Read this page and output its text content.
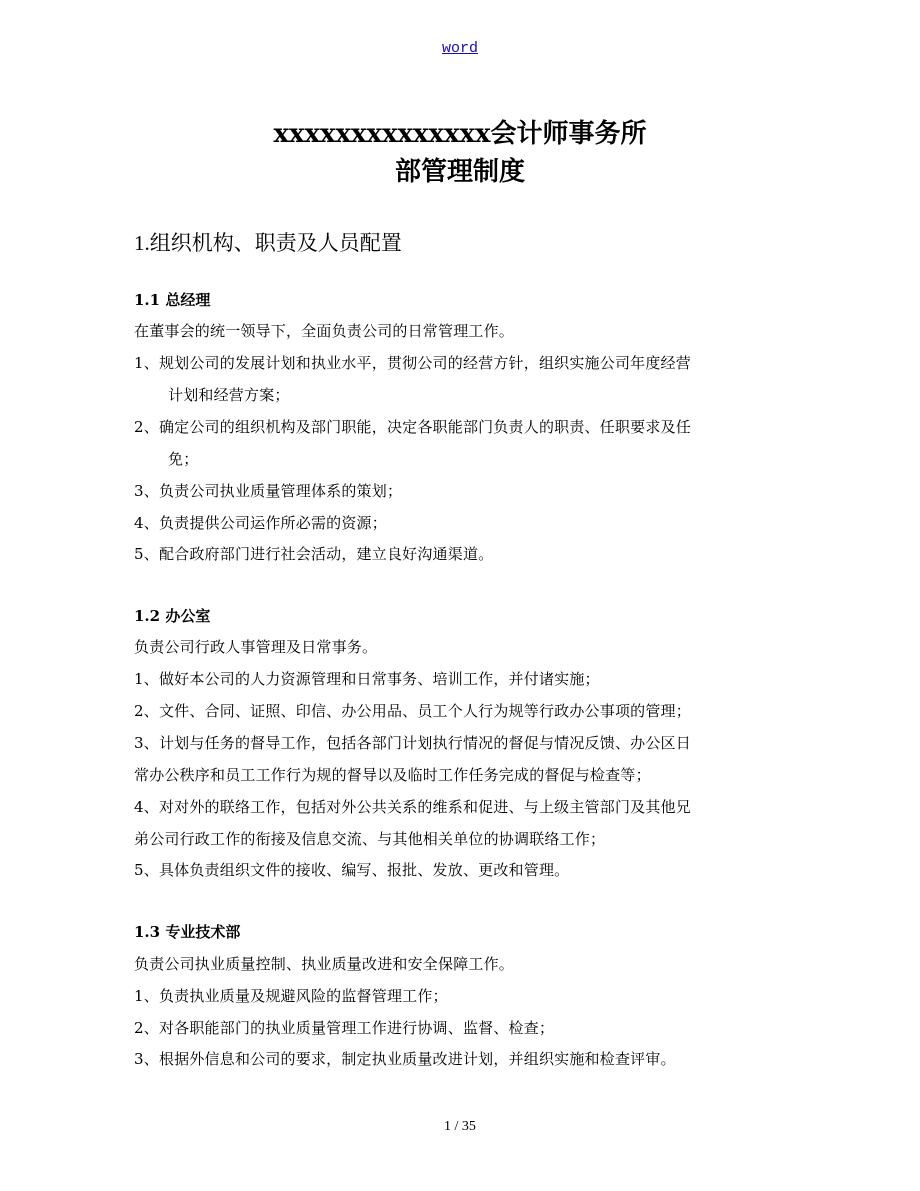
word
xxxxxxxxxxxxxx会计师事务所
部管理制度
1.组织机构、职责及人员配置
1.1 总经理
在董事会的统一领导下，全面负责公司的日常管理工作。
1、规划公司的发展计划和执业水平，贯彻公司的经营方针，组织实施公司年度经营
计划和经营方案；
2、确定公司的组织机构及部门职能，决定各职能部门负责人的职责、任职要求及任
免；
3、负责公司执业质量管理体系的策划；
4、负责提供公司运作所必需的资源；
5、配合政府部门进行社会活动，建立良好沟通渠道。
1.2 办公室
负责公司行政人事管理及日常事务。
1、做好本公司的人力资源管理和日常事务、培训工作，并付诸实施；
2、文件、合同、证照、印信、办公用品、员工个人行为规等行政办公事项的管理；
3、计划与任务的督导工作，包括各部门计划执行情况的督促与情况反馈、办公区日
常办公秩序和员工工作行为规的督导以及临时工作任务完成的督促与检查等；
4、对对外的联络工作，包括对外公共关系的维系和促进、与上级主管部门及其他兄
弟公司行政工作的衔接及信息交流、与其他相关单位的协调联络工作；
5、具体负责组织文件的接收、编写、报批、发放、更改和管理。
1.3 专业技术部
负责公司执业质量控制、执业质量改进和安全保障工作。
1、负责执业质量及规避风险的监督管理工作；
2、对各职能部门的执业质量管理工作进行协调、监督、检查；
3、根据外信息和公司的要求，制定执业质量改进计划，并组织实施和检查评审。
1 / 35
